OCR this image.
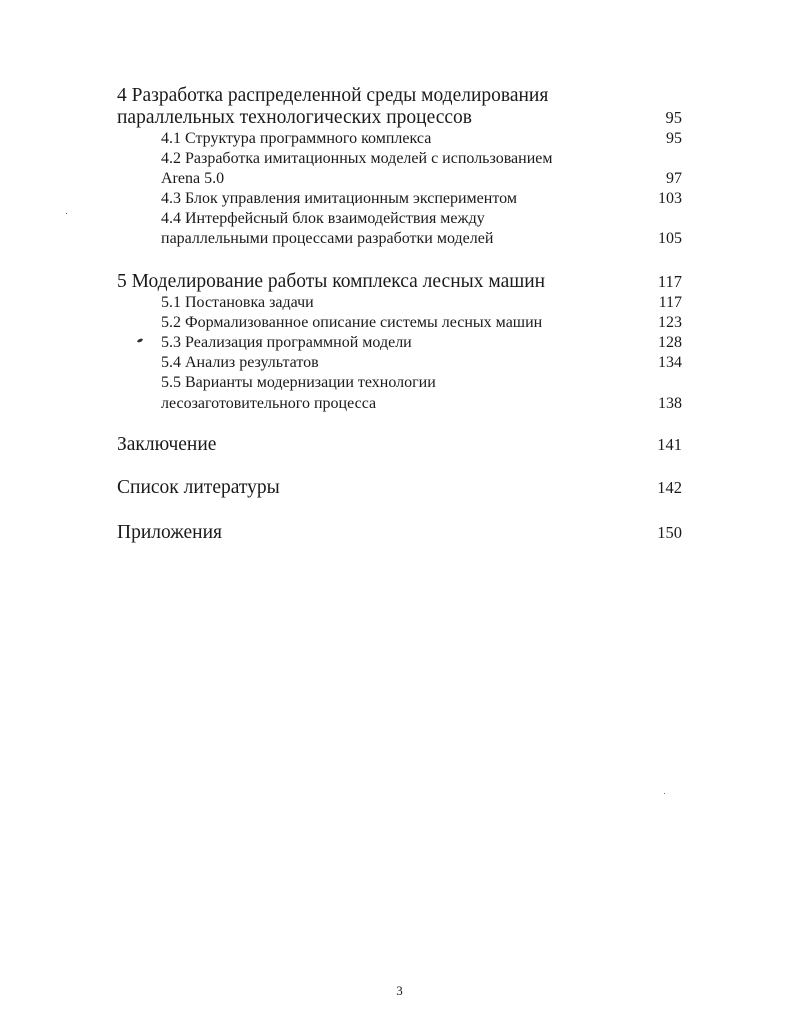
4 Разработка распределенной среды моделирования
параллельных технологических процессов	95
4.1 Структура программного комплекса	95
4.2 Разработка имитационных моделей с использованием
Arena 5.0	97
4.3 Блок управления имитационным экспериментом	103
4.4 Интерфейсный блок взаимодействия между
параллельными процессами разработки моделей	105
5 Моделирование работы комплекса лесных машин	117
5.1 Постановка задачи	117
5.2 Формализованное описание системы лесных машин	123
5.3 Реализация программной модели	128
5.4 Анализ результатов	134
5.5 Варианты модернизации технологии
лесозаготовительного процесса	138
Заключение	141
Список литературы	142
Приложения	150
3
